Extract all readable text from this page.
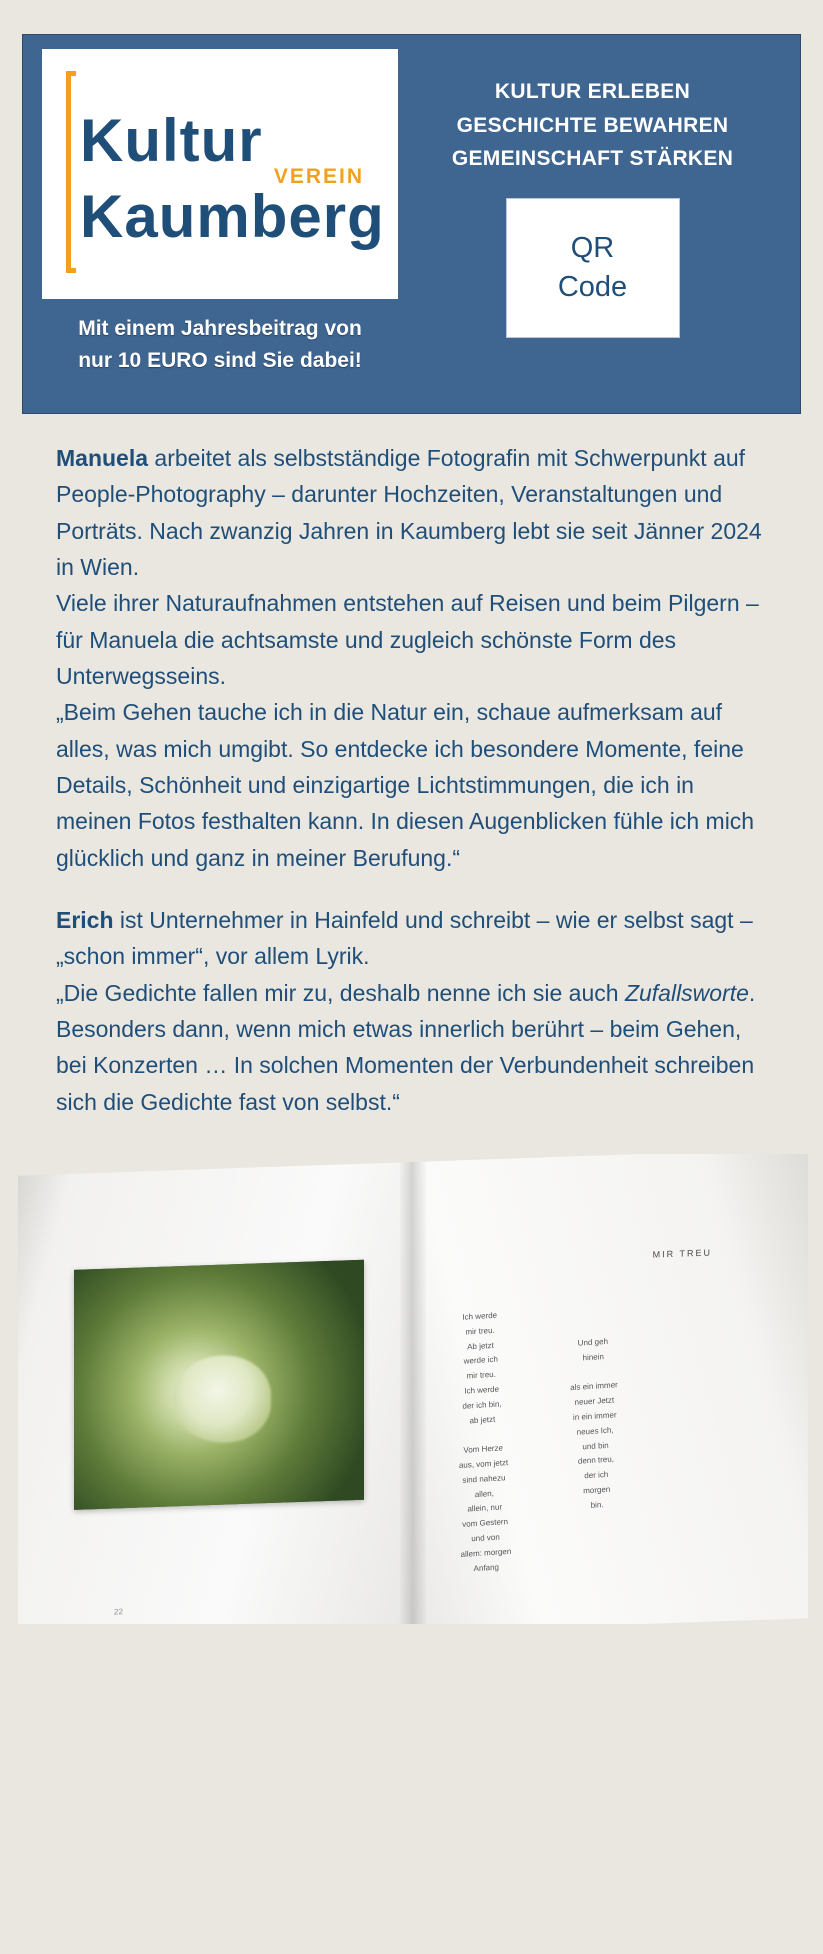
Kultur
VEREIN
Kaumberg
Mit einem Jahresbeitrag von
nur 10 EURO sind Sie dabei!
KULTUR ERLEBEN
GESCHICHTE BEWAHREN
GEMEINSCHAFT STÄRKEN
QR
Code

Manuela arbeitet als selbstständige Fotografin mit Schwerpunkt auf People-Photography – darunter Hochzeiten, Veranstaltungen und Porträts. Nach zwanzig Jahren in Kaumberg lebt sie seit Jänner 2024 in Wien.

Viele ihrer Naturaufnahmen entstehen auf Reisen und beim Pilgern – für Manuela die achtsamste und zugleich schönste Form des Unterwegsseins.

„Beim Gehen tauche ich in die Natur ein, schaue aufmerksam auf alles, was mich umgibt. So entdecke ich besondere Momente, feine Details, Schönheit und einzigartige Lichtstimmungen, die ich in meinen Fotos festhalten kann. In diesen Augenblicken fühle ich mich glücklich und ganz in meiner Berufung.“

Erich ist Unternehmer in Hainfeld und schreibt – wie er selbst sagt – „schon immer“, vor allem Lyrik.

„Die Gedichte fallen mir zu, deshalb nenne ich sie auch Zufallsworte. Besonders dann, wenn mich etwas innerlich berührt – beim Gehen, bei Konzerten … In solchen Momenten der Verbundenheit schreiben sich die Gedichte fast von selbst.“

22
MIR TREU
Ich werde
mir treu.
Ab jetzt
werde ich
mir treu.
Ich werde
der ich bin,
ab jetzt

Vom Herze
aus, vom jetzt
sind nahezu
allen,
allein, nur
vom Gestern
und von
allem: morgen
Anfang
Und geh
hinein

als ein immer
neuer Jetzt
in ein immer
neues Ich,
und bin
denn treu,
der ich
morgen
bin.
